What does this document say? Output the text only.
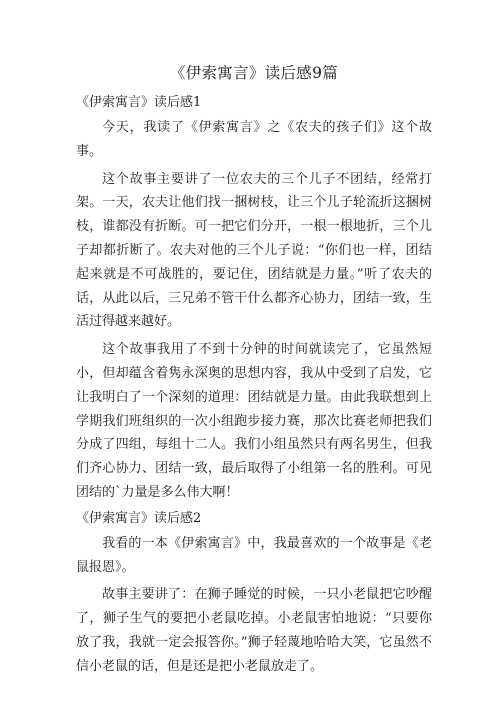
《伊索寓言》读后感9篇
《伊索寓言》读后感1

今天，我读了《伊索寓言》之《农夫的孩子们》这个故事。

这个故事主要讲了一位农夫的三个儿子不团结，经常打架。一天，农夫让他们找一捆树枝，让三个儿子轮流折这捆树枝，谁都没有折断。可一把它们分开，一根一根地折，三个儿子却都折断了。农夫对他的三个儿子说：“你们也一样，团结起来就是不可战胜的，要记住，团结就是力量。”听了农夫的话，从此以后，三兄弟不管干什么都齐心协力，团结一致，生活过得越来越好。

这个故事我用了不到十分钟的时间就读完了，它虽然短小，但却蕴含着隽永深奥的思想内容，我从中受到了启发，它让我明白了一个深刻的道理：团结就是力量。由此我联想到上学期我们班组织的一次小组跑步接力赛，那次比赛老师把我们分成了四组，每组十二人。我们小组虽然只有两名男生，但我们齐心协力、团结一致，最后取得了小组第一名的胜利。可见团结的`力量是多么伟大啊！

《伊索寓言》读后感2

我看的一本《伊索寓言》中，我最喜欢的一个故事是《老鼠报恩》。

故事主要讲了：在狮子睡觉的时候，一只小老鼠把它吵醒了，狮子生气的要把小老鼠吃掉。小老鼠害怕地说：“只要你放了我，我就一定会报答你。”狮子轻蔑地哈哈大笑，它虽然不信小老鼠的话，但是还是把小老鼠放走了。
